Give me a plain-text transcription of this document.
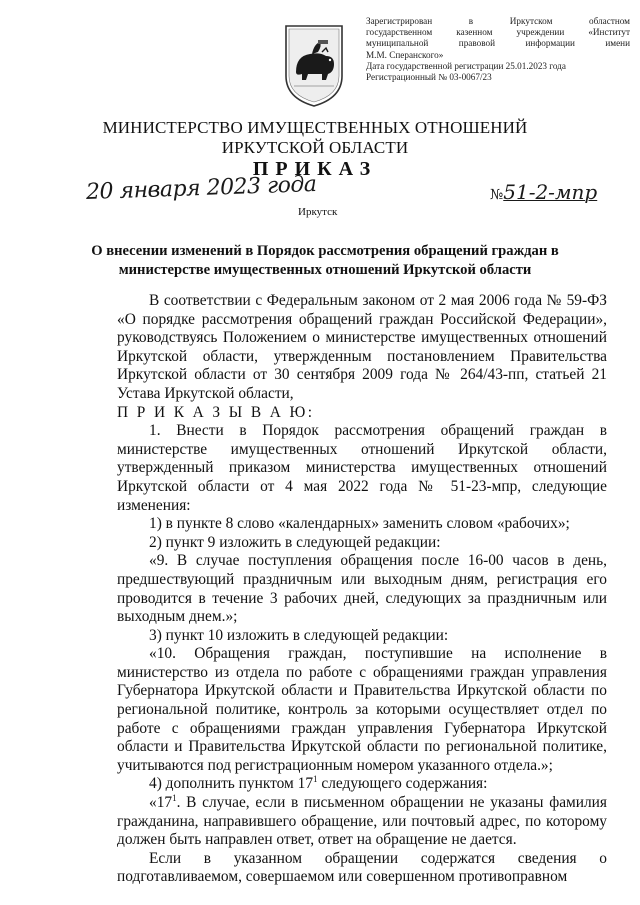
Зарегистрирован в Иркутском областном
государственном казенном учреждении «Институт
муниципальной правовой информации имени
М.М. Сперанского»
Дата государственной регистрации 25.01.2023 года
Регистрационный № 03-0067/23
МИНИСТЕРСТВО ИМУЩЕСТВЕННЫХ ОТНОШЕНИЙ
ИРКУТСКОЙ ОБЛАСТИ
ПРИКАЗ
20 января 2023 года	№51-2-мпр
Иркутск
О внесении изменений в Порядок рассмотрения обращений граждан в
министерстве имущественных отношений Иркутской области

В соответствии с Федеральным законом от 2 мая 2006 года № 59-ФЗ «О порядке рассмотрения обращений граждан Российской Федерации», руководствуясь Положением о министерстве имущественных отношений Иркутской области, утвержденным постановлением Правительства Иркутской области от 30 сентября 2009 года № 264/43-пп, статьей 21 Устава Иркутской области,

П Р И К А З Ы В А Ю:

1. Внести в Порядок рассмотрения обращений граждан в министерстве имущественных отношений Иркутской области, утвержденный приказом министерства имущественных отношений Иркутской области от 4 мая 2022 года № 51-23-мпр, следующие изменения:

1) в пункте 8 слово «календарных» заменить словом «рабочих»;

2) пункт 9 изложить в следующей редакции:

«9. В случае поступления обращения после 16-00 часов в день, предшествующий праздничным или выходным дням, регистрация его проводится в течение 3 рабочих дней, следующих за праздничным или выходным днем.»;

3) пункт 10 изложить в следующей редакции:

«10. Обращения граждан, поступившие на исполнение в министерство из отдела по работе с обращениями граждан управления Губернатора Иркутской области и Правительства Иркутской области по региональной политике, контроль за которыми осуществляет отдел по работе с обращениями граждан управления Губернатора Иркутской области и Правительства Иркутской области по региональной политике, учитываются под регистрационным номером указанного отдела.»;

4) дополнить пунктом $17^1$ следующего содержания:

«$17^1$. В случае, если в письменном обращении не указаны фамилия гражданина, направившего обращение, или почтовый адрес, по которому должен быть направлен ответ, ответ на обращение не дается.

Если в указанном обращении содержатся сведения о подготавливаемом, совершаемом или совершенном противоправном
